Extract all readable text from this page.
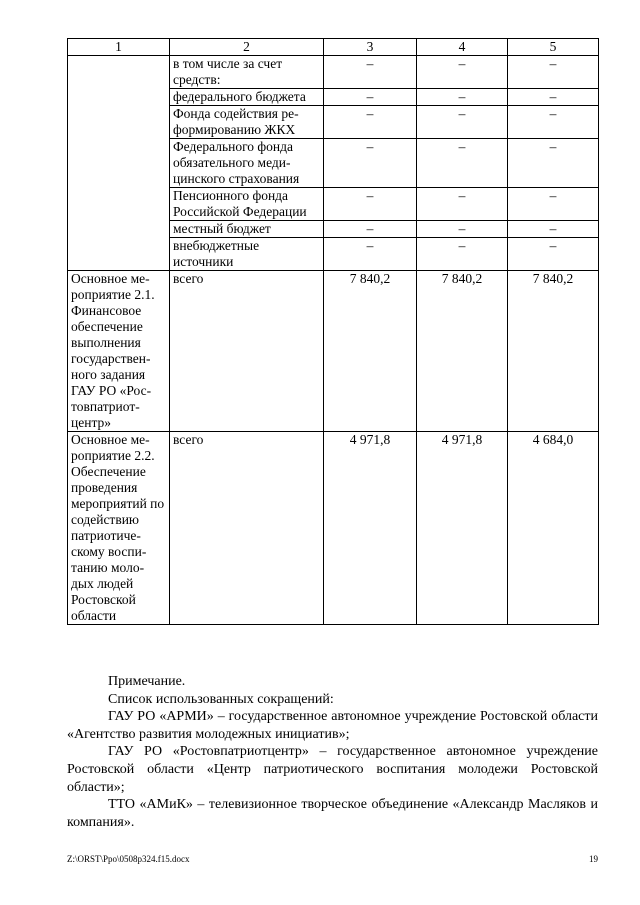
1	2	3	4	5
	в том числе за счет средств:	–	–	–
	федерального бюджета	–	–	–
	Фонда содействия ре-формированию ЖКХ	–	–	–
	Федерального фонда обязательного меди-цинского страхования	–	–	–
	Пенсионного фонда Российской Федерации	–	–	–
	местный бюджет	–	–	–
	внебюджетные источники	–	–	–
Основное ме-роприятие 2.1. Финансовое обеспечение выполнения государствен-ного задания ГАУ РО «Рос-товпатриот-центр»	всего	7 840,2	7 840,2	7 840,2
Основное ме-роприятие 2.2. Обеспечение проведения мероприятий по содействию патриотиче-скому воспи-танию моло-дых людей Ростовской области	всего	4 971,8	4 971,8	4 684,0

Примечание.

Список использованных сокращений:

ГАУ РО «АРМИ» – государственное автономное учреждение Ростовской области «Агентство развития молодежных инициатив»;

ГАУ РО «Ростовпатриотцентр» – государственное автономное учреждение Ростовской области «Центр патриотического воспитания молодежи Ростовской области»;

ТТО «АМиК» – телевизионное творческое объединение «Александр Масляков и компания».

Z:\ORST\Ppo\0508p324.f15.docx	19
